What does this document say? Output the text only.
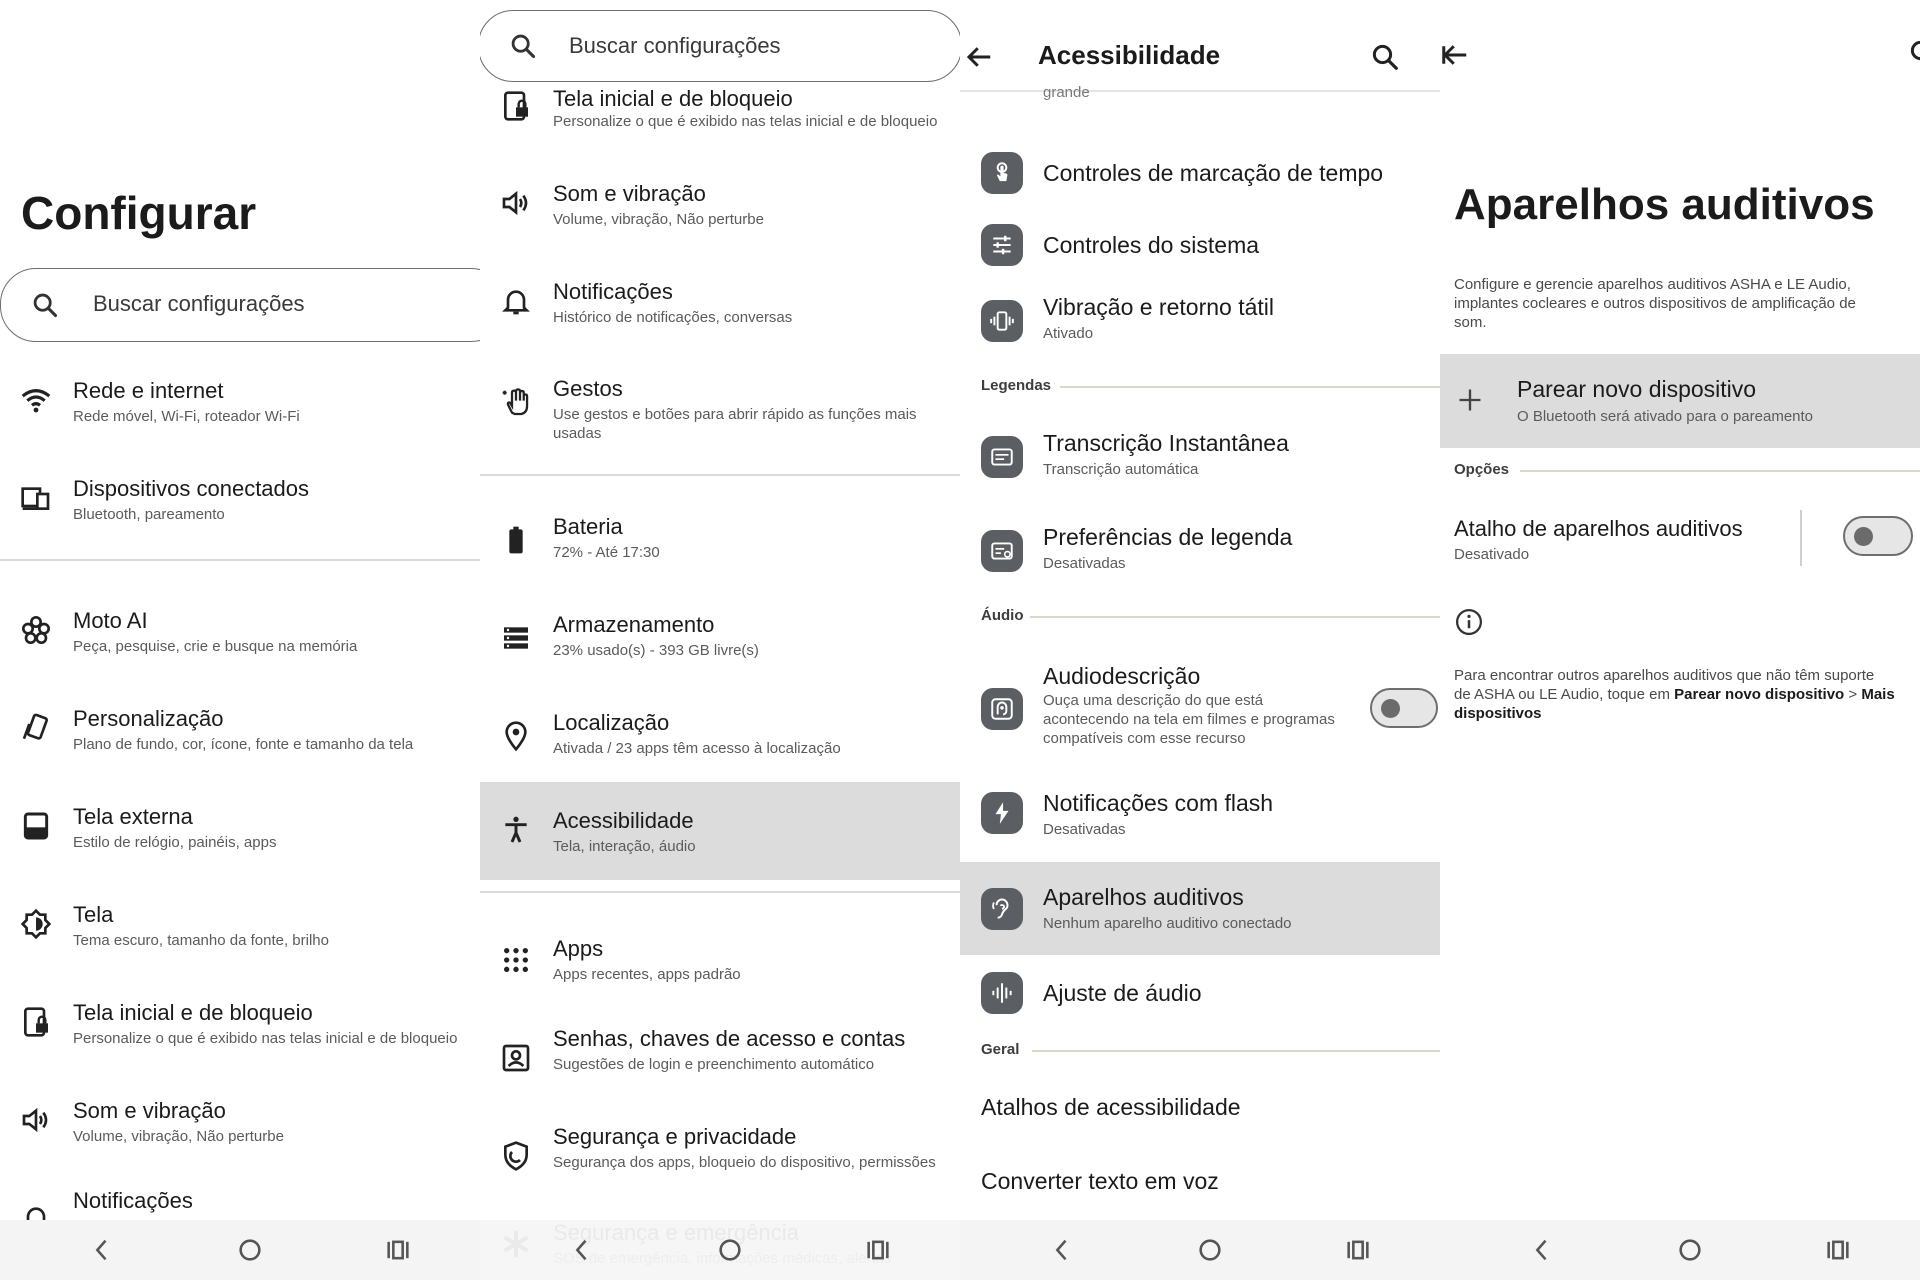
Configurar
Buscar configurações
Rede e internet
Rede móvel, Wi-Fi, roteador Wi-Fi
Dispositivos conectados
Bluetooth, pareamento
Moto AI
Peça, pesquise, crie e busque na memória
Personalização
Plano de fundo, cor, ícone, fonte e tamanho da tela
Tela externa
Estilo de relógio, painéis, apps
Tela
Tema escuro, tamanho da fonte, brilho
Tela inicial e de bloqueio
Personalize o que é exibido nas telas inicial e de bloqueio
Som e vibração
Volume, vibração, Não perturbe
Notificações
Tela inicial e de bloqueio
Personalize o que é exibido nas telas inicial e de bloqueio
Buscar configurações
Som e vibração
Volume, vibração, Não perturbe
Notificações
Histórico de notificações, conversas
Gestos
Use gestos e botões para abrir rápido as funções mais
usadas
Bateria
72% - Até 17:30
Armazenamento
23% usado(s) - 393 GB livre(s)
Localização
Ativada / 23 apps têm acesso à localização
Acessibilidade
Tela, interação, áudio
Apps
Apps recentes, apps padrão
Senhas, chaves de acesso e contas
Sugestões de login e preenchimento automático
Segurança e privacidade
Segurança dos apps, bloqueio do dispositivo, permissões
Acessibilidade
grande
Controles de marcação de tempo
Controles do sistema
Vibração e retorno tátil
Ativado
Legendas
Transcrição Instantânea
Transcrição automática
Preferências de legenda
Desativadas
Áudio
Audiodescrição
Ouça uma descrição do que está
acontecendo na tela em filmes e programas
compatíveis com esse recurso
Notificações com flash
Desativadas
Aparelhos auditivos
Nenhum aparelho auditivo conectado
Ajuste de áudio
Geral
Atalhos de acessibilidade
Converter texto em voz
Aparelhos auditivos
Configure e gerencie aparelhos auditivos ASHA e LE Audio,
implantes cocleares e outros dispositivos de amplificação de
som.
Parear novo dispositivo
O Bluetooth será ativado para o pareamento
Opções
Atalho de aparelhos auditivos
Desativado
Para encontrar outros aparelhos auditivos que não têm suporte
de ASHA ou LE Audio, toque em Parear novo dispositivo > Mais
dispositivos
